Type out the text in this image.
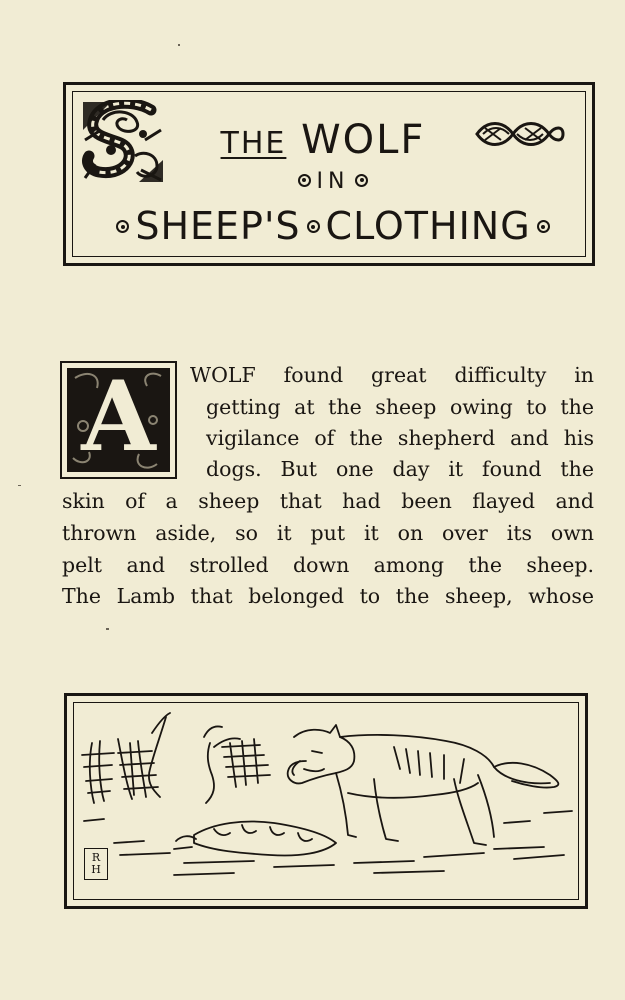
THE WOLF
IN
SHEEP'S CLOTHING
A	WOLF found great difficulty in
getting at the sheep owing to the
vigilance of the shepherd and his
dogs. But one day it found the
skin of a sheep that had been flayed and
thrown aside, so it put it on over its own
pelt and strolled down among the sheep.
The Lamb that belonged to the sheep, whose
R
H
